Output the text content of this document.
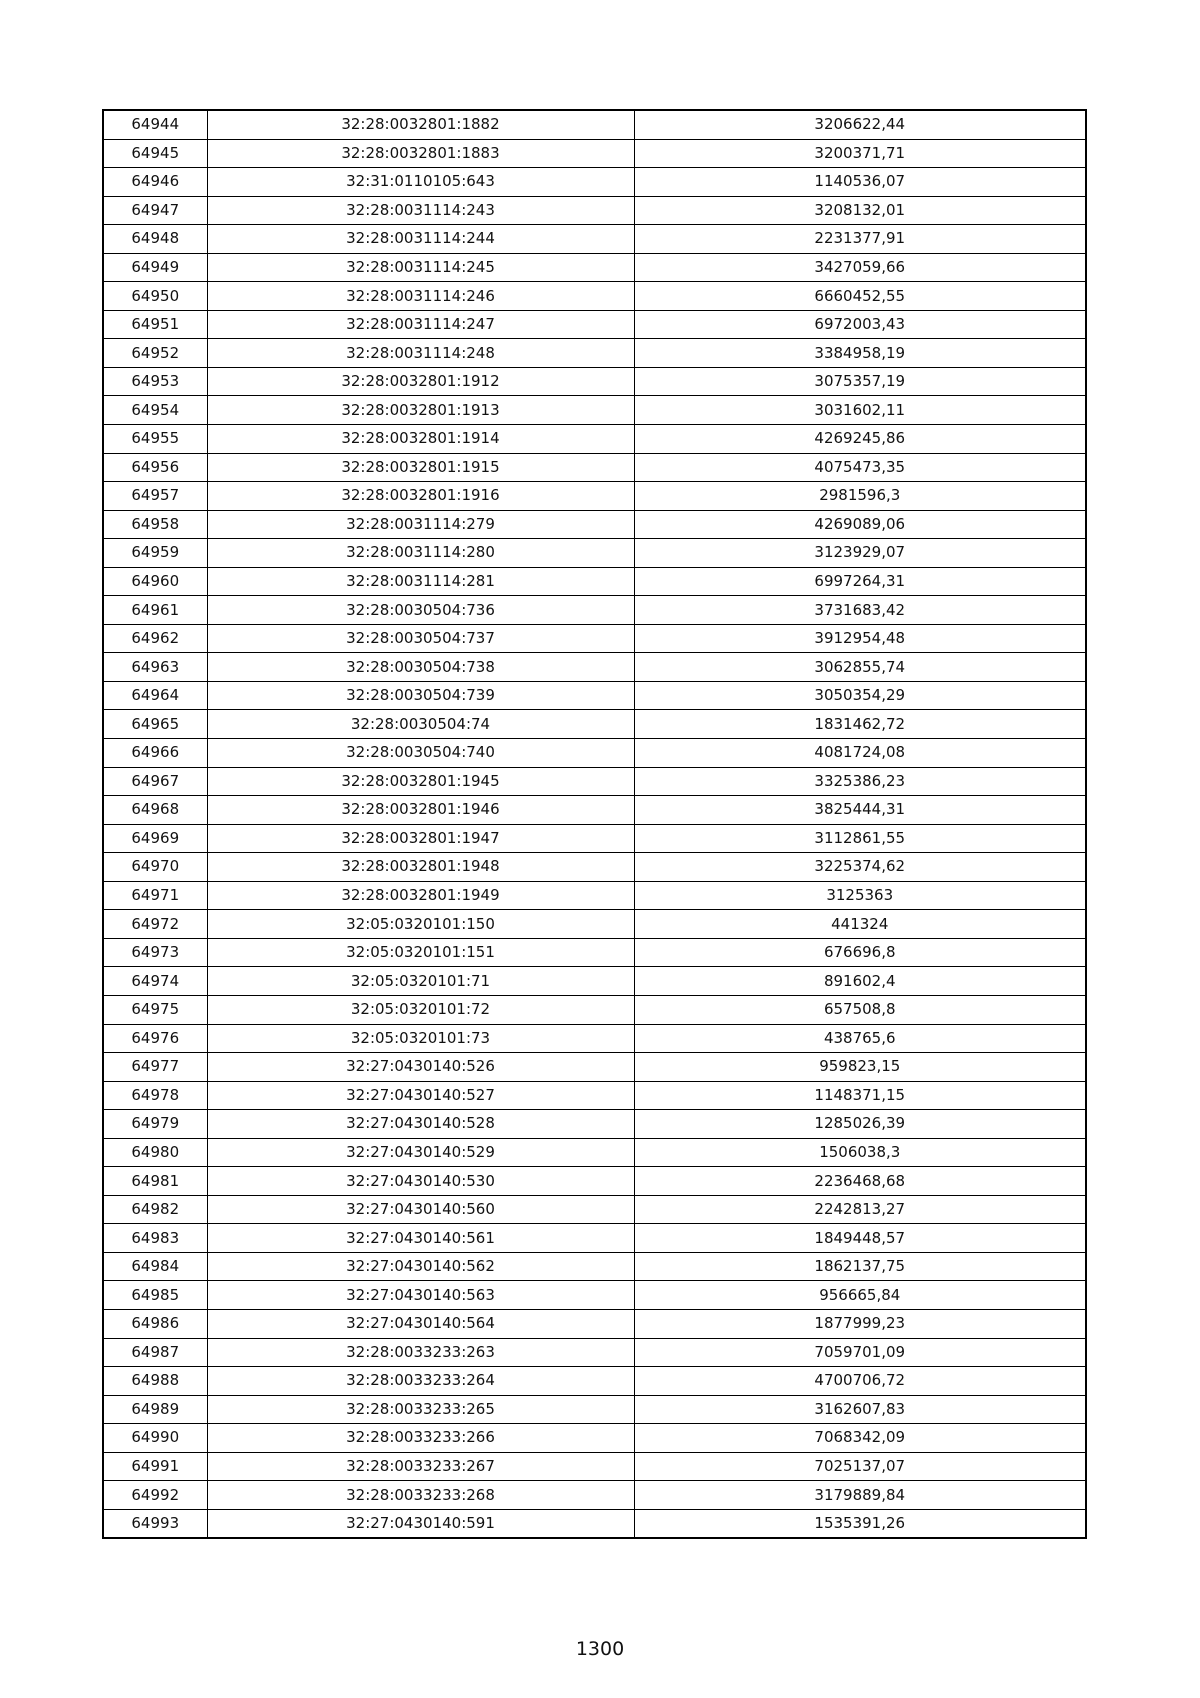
64944	32:28:0032801:1882	3206622,44
64945	32:28:0032801:1883	3200371,71
64946	32:31:0110105:643	1140536,07
64947	32:28:0031114:243	3208132,01
64948	32:28:0031114:244	2231377,91
64949	32:28:0031114:245	3427059,66
64950	32:28:0031114:246	6660452,55
64951	32:28:0031114:247	6972003,43
64952	32:28:0031114:248	3384958,19
64953	32:28:0032801:1912	3075357,19
64954	32:28:0032801:1913	3031602,11
64955	32:28:0032801:1914	4269245,86
64956	32:28:0032801:1915	4075473,35
64957	32:28:0032801:1916	2981596,3
64958	32:28:0031114:279	4269089,06
64959	32:28:0031114:280	3123929,07
64960	32:28:0031114:281	6997264,31
64961	32:28:0030504:736	3731683,42
64962	32:28:0030504:737	3912954,48
64963	32:28:0030504:738	3062855,74
64964	32:28:0030504:739	3050354,29
64965	32:28:0030504:74	1831462,72
64966	32:28:0030504:740	4081724,08
64967	32:28:0032801:1945	3325386,23
64968	32:28:0032801:1946	3825444,31
64969	32:28:0032801:1947	3112861,55
64970	32:28:0032801:1948	3225374,62
64971	32:28:0032801:1949	3125363
64972	32:05:0320101:150	441324
64973	32:05:0320101:151	676696,8
64974	32:05:0320101:71	891602,4
64975	32:05:0320101:72	657508,8
64976	32:05:0320101:73	438765,6
64977	32:27:0430140:526	959823,15
64978	32:27:0430140:527	1148371,15
64979	32:27:0430140:528	1285026,39
64980	32:27:0430140:529	1506038,3
64981	32:27:0430140:530	2236468,68
64982	32:27:0430140:560	2242813,27
64983	32:27:0430140:561	1849448,57
64984	32:27:0430140:562	1862137,75
64985	32:27:0430140:563	956665,84
64986	32:27:0430140:564	1877999,23
64987	32:28:0033233:263	7059701,09
64988	32:28:0033233:264	4700706,72
64989	32:28:0033233:265	3162607,83
64990	32:28:0033233:266	7068342,09
64991	32:28:0033233:267	7025137,07
64992	32:28:0033233:268	3179889,84
64993	32:27:0430140:591	1535391,26
1300
